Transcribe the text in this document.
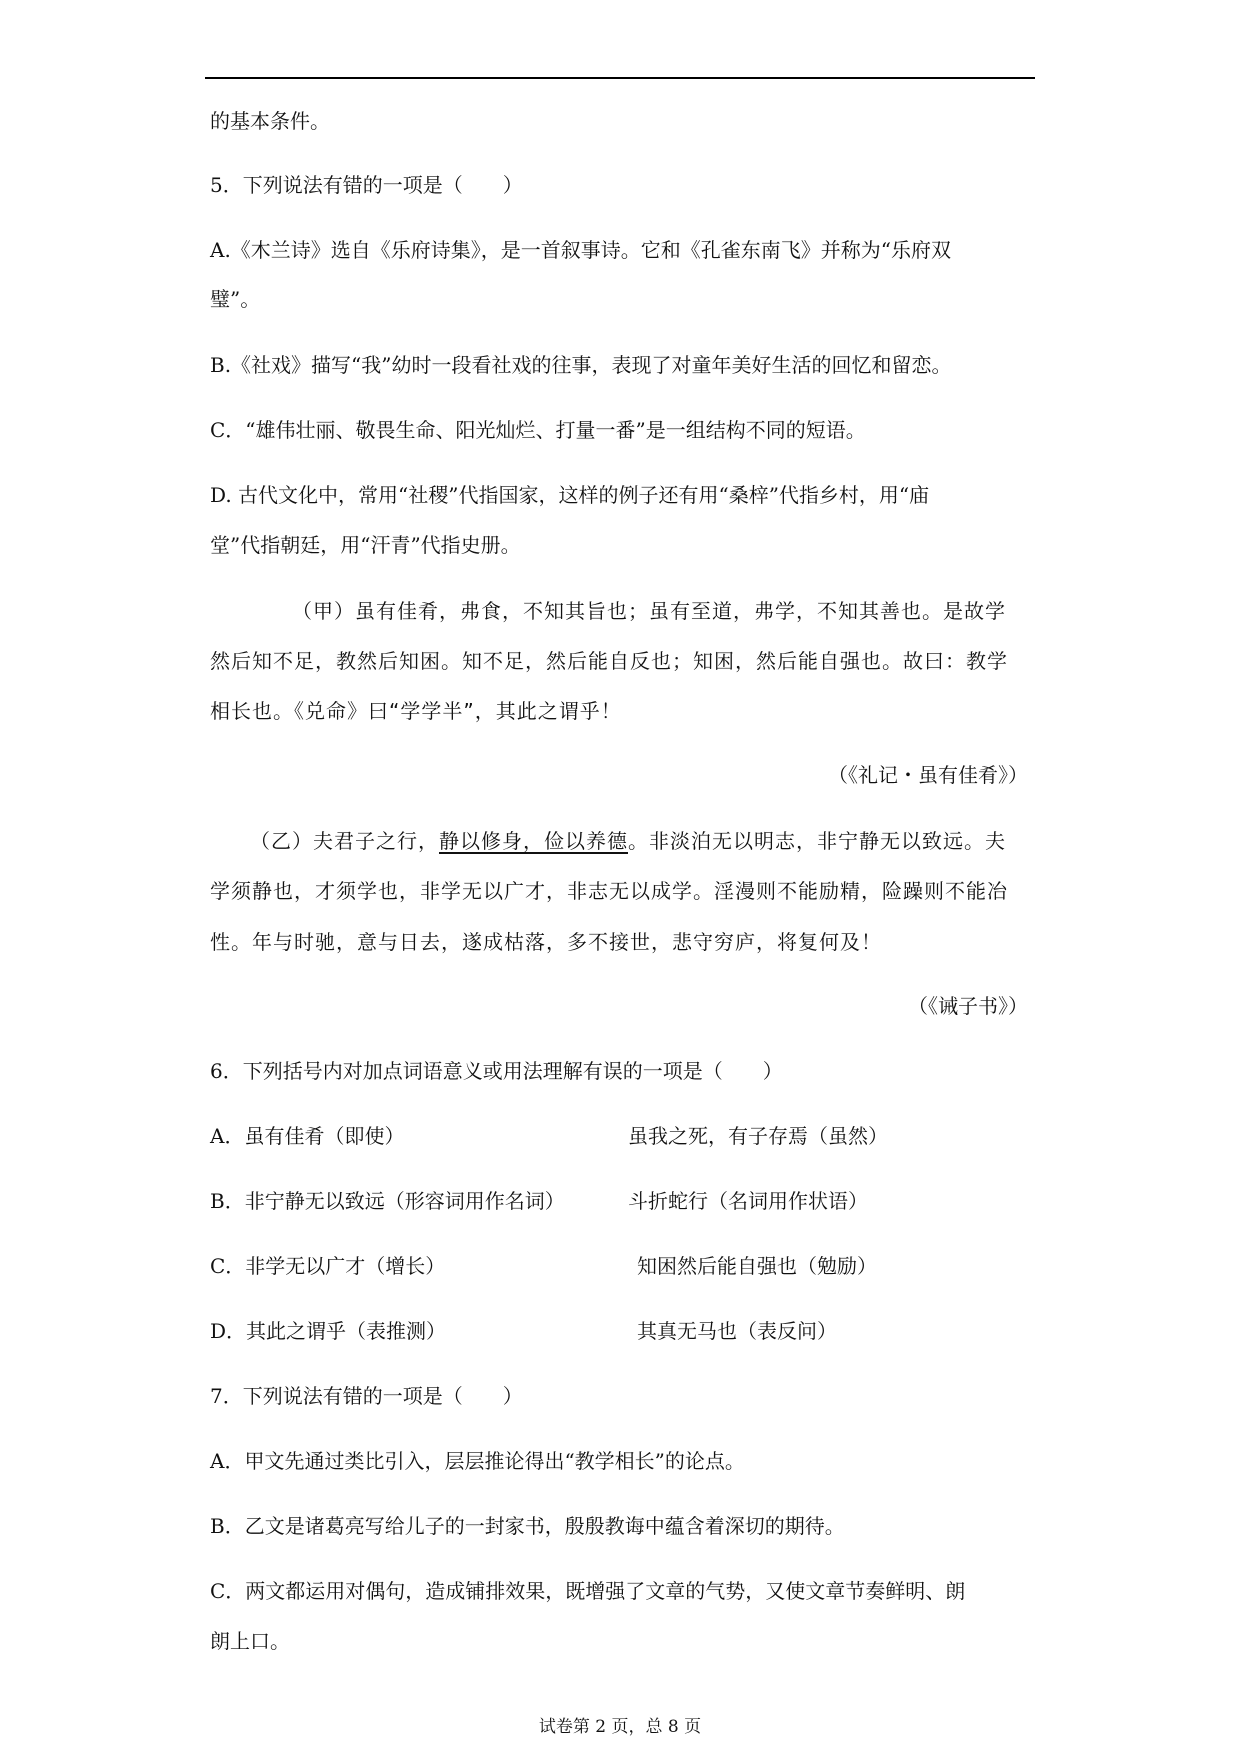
的基本条件。
5．下列说法有错的一项是（　　）
A.《木兰诗》选自《乐府诗集》，是一首叙事诗。它和《孔雀东南飞》并称为“乐府双
璧”。
B.《社戏》描写“我”幼时一段看社戏的往事，表现了对童年美好生活的回忆和留恋。
C．“雄伟壮丽、敬畏生命、阳光灿烂、打量一番”是一组结构不同的短语。
D. 古代文化中，常用“社稷”代指国家，这样的例子还有用“桑梓”代指乡村，用“庙
堂”代指朝廷，用“汗青”代指史册。
（甲）虽有佳肴，弗食，不知其旨也；虽有至道，弗学，不知其善也。是故学
然后知不足，教然后知困。知不足，然后能自反也；知困，然后能自强也。故曰：教学
相长也。《兑命》曰“学学半”，其此之谓乎！
（《礼记・虽有佳肴》）
（乙）夫君子之行，静以修身，俭以养德。非淡泊无以明志，非宁静无以致远。夫
学须静也，才须学也，非学无以广才，非志无以成学。淫漫则不能励精，险躁则不能冶
性。年与时驰，意与日去，遂成枯落，多不接世，悲守穷庐，将复何及！
（《诫子书》）
6．下列括号内对加点词语意义或用法理解有误的一项是（　　）
A．虽有佳肴（即使）	虽我之死，有子存焉（虽然）
B．非宁静无以致远（形容词用作名词）	斗折蛇行（名词用作状语）
C．非学无以广才（增长）	知困然后能自强也（勉励）
D．其此之谓乎（表推测）	其真无马也（表反问）
7．下列说法有错的一项是（　　）
A．甲文先通过类比引入，层层推论得出“教学相长”的论点。
B．乙文是诸葛亮写给儿子的一封家书，殷殷教诲中蕴含着深切的期待。
C．两文都运用对偶句，造成铺排效果，既增强了文章的气势，又使文章节奏鲜明、朗
朗上口。
试卷第 2 页，总 8 页
